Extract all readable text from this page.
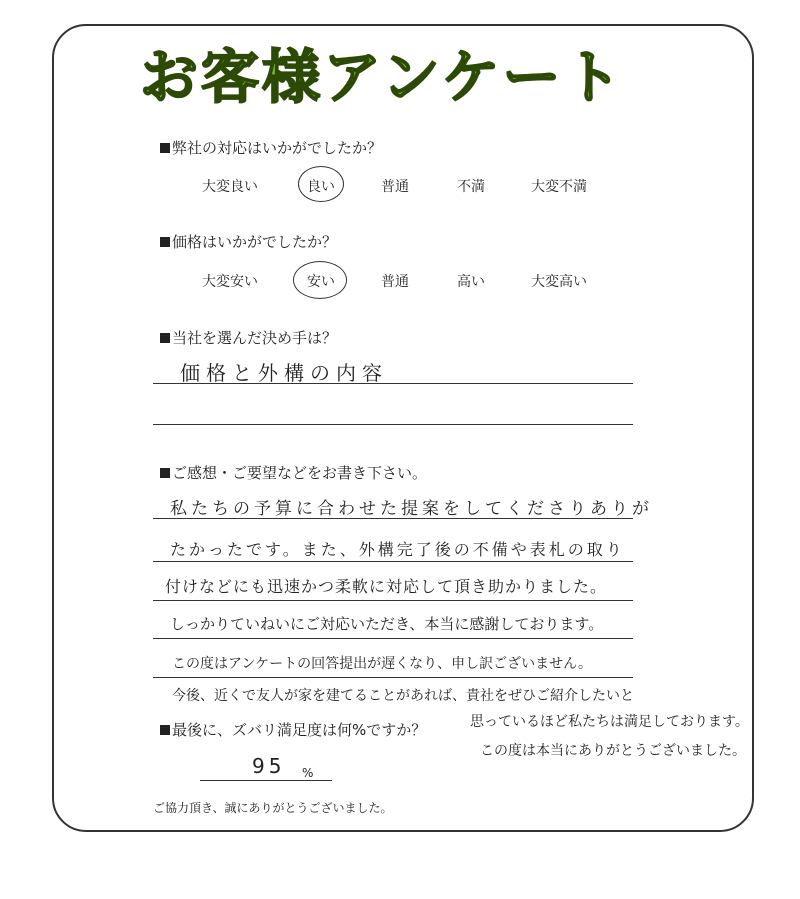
お客様アンケート
弊社の対応はいかがでしたか？
大変良い	良い	普通	不満	大変不満
価格はいかがでしたか？
大変安い	安い	普通	高い	大変高い
当社を選んだ決め手は？
価格と外構の内容
ご感想・ご要望などをお書き下さい。
私たちの予算に合わせた提案をしてくださりありが
たかったです。また、外構完了後の不備や表札の取り
付けなどにも迅速かつ柔軟に対応して頂き助かりました。
しっかりていねいにご対応いただき、本当に感謝しております。
この度はアンケートの回答提出が遅くなり、申し訳ございません。
今後、近くで友人が家を建てることがあれば、貴社をぜひご紹介したいと
思っているほど私たちは満足しております。
この度は本当にありがとうございました。
最後に、ズバリ満足度は何%ですか？
95 %
ご協力頂き、誠にありがとうございました。
